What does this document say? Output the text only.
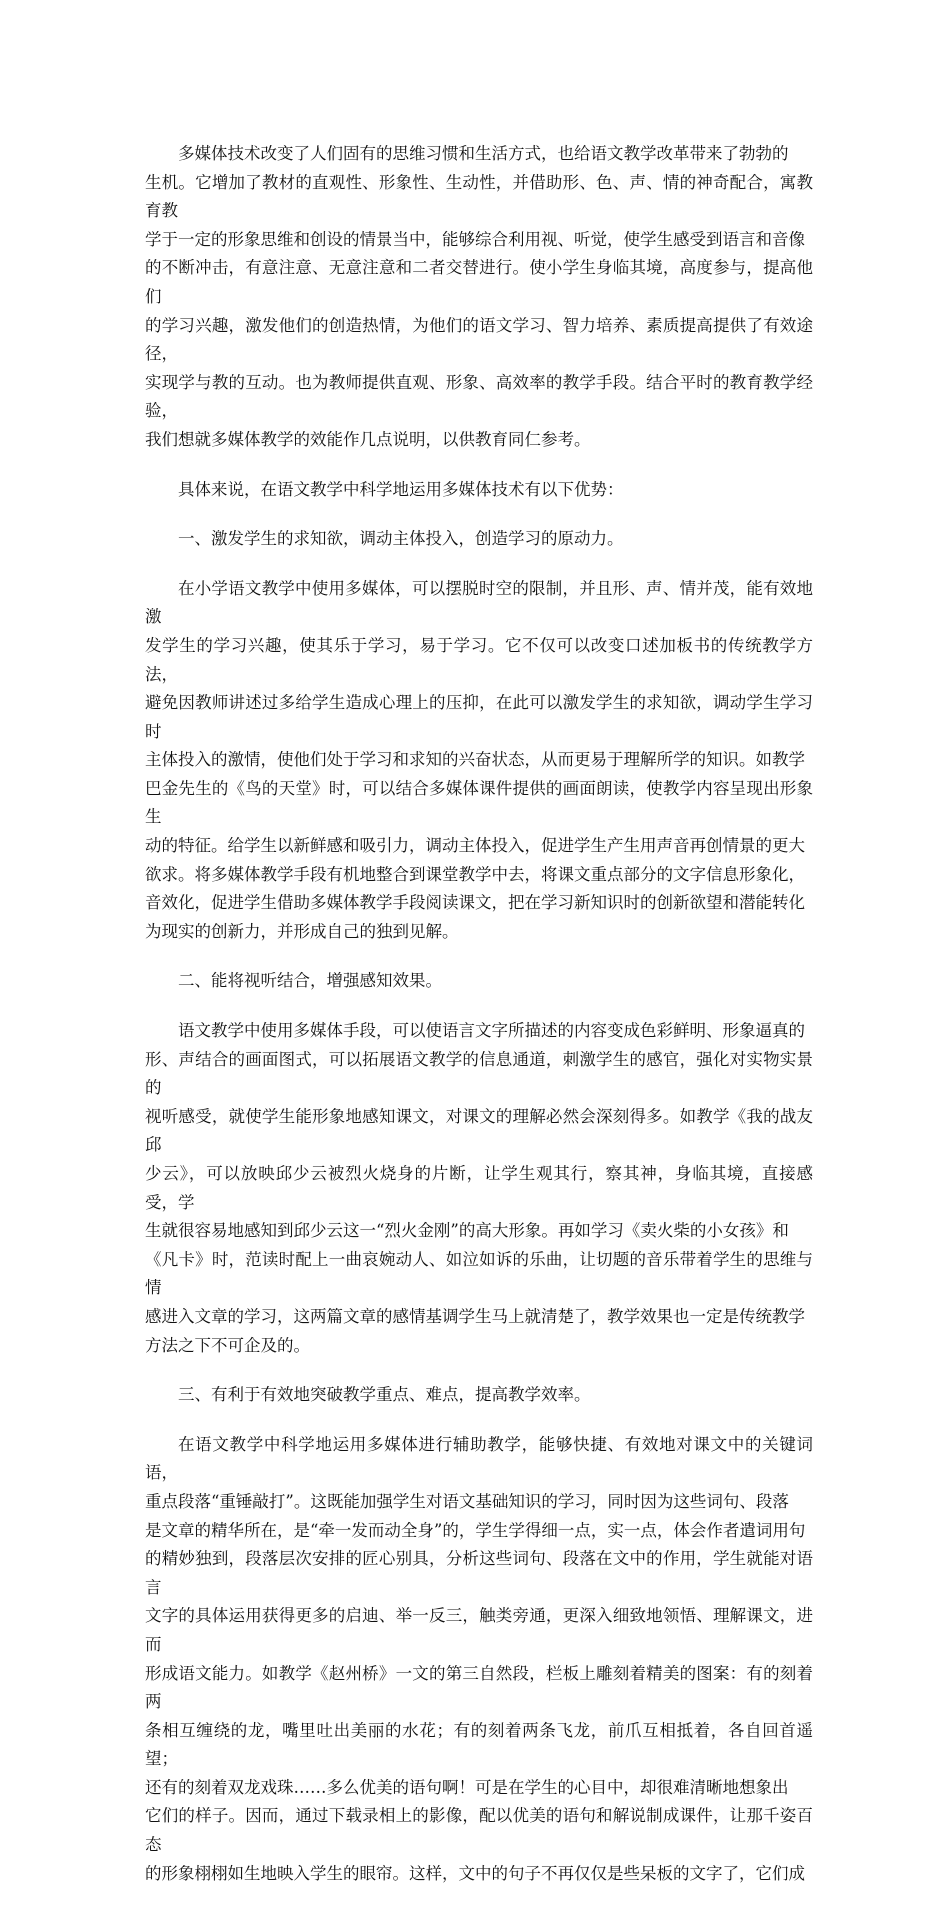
多媒体技术改变了人们固有的思维习惯和生活方式，也给语文教学改革带来了勃勃的
生机。它增加了教材的直观性、形象性、生动性，并借助形、色、声、情的神奇配合，寓教育教
学于一定的形象思维和创设的情景当中，能够综合利用视、听觉，使学生感受到语言和音像
的不断冲击，有意注意、无意注意和二者交替进行。使小学生身临其境，高度参与，提高他们
的学习兴趣，激发他们的创造热情，为他们的语文学习、智力培养、素质提高提供了有效途径，
实现学与教的互动。也为教师提供直观、形象、高效率的教学手段。结合平时的教育教学经验，
我们想就多媒体教学的效能作几点说明，以供教育同仁参考。

具体来说，在语文教学中科学地运用多媒体技术有以下优势：

一、激发学生的求知欲，调动主体投入，创造学习的原动力。

在小学语文教学中使用多媒体，可以摆脱时空的限制，并且形、声、情并茂，能有效地激
发学生的学习兴趣，使其乐于学习，易于学习。它不仅可以改变口述加板书的传统教学方法，
避免因教师讲述过多给学生造成心理上的压抑，在此可以激发学生的求知欲，调动学生学习时
主体投入的激情，使他们处于学习和求知的兴奋状态，从而更易于理解所学的知识。如教学
巴金先生的《鸟的天堂》时，可以结合多媒体课件提供的画面朗读，使教学内容呈现出形象生
动的特征。给学生以新鲜感和吸引力，调动主体投入，促进学生产生用声音再创情景的更大
欲求。将多媒体教学手段有机地整合到课堂教学中去，将课文重点部分的文字信息形象化，
音效化，促进学生借助多媒体教学手段阅读课文，把在学习新知识时的创新欲望和潜能转化
为现实的创新力，并形成自己的独到见解。

二、能将视听结合，增强感知效果。

语文教学中使用多媒体手段，可以使语言文字所描述的内容变成色彩鲜明、形象逼真的
形、声结合的画面图式，可以拓展语文教学的信息通道，刺激学生的感官，强化对实物实景的
视听感受，就使学生能形象地感知课文，对课文的理解必然会深刻得多。如教学《我的战友邱
少云》，可以放映邱少云被烈火烧身的片断，让学生观其行，察其神，身临其境，直接感受，学
生就很容易地感知到邱少云这一“烈火金刚”的高大形象。再如学习《卖火柴的小女孩》和
《凡卡》时，范读时配上一曲哀婉动人、如泣如诉的乐曲，让切题的音乐带着学生的思维与情
感进入文章的学习，这两篇文章的感情基调学生马上就清楚了，教学效果也一定是传统教学
方法之下不可企及的。

三、有利于有效地突破教学重点、难点，提高教学效率。

在语文教学中科学地运用多媒体进行辅助教学，能够快捷、有效地对课文中的关键词语，
重点段落“重锤敲打”。这既能加强学生对语文基础知识的学习，同时因为这些词句、段落
是文章的精华所在，是“牵一发而动全身”的，学生学得细一点，实一点，体会作者遣词用句
的精妙独到，段落层次安排的匠心别具，分析这些词句、段落在文中的作用，学生就能对语言
文字的具体运用获得更多的启迪、举一反三，触类旁通，更深入细致地领悟、理解课文，进而
形成语文能力。如教学《赵州桥》一文的第三自然段，栏板上雕刻着精美的图案：有的刻着两
条相互缠绕的龙，嘴里吐出美丽的水花；有的刻着两条飞龙，前爪互相抵着，各自回首遥望；
还有的刻着双龙戏珠……多么优美的语句啊！可是在学生的心目中，却很难清晰地想象出
它们的样子。因而，通过下载录相上的影像，配以优美的语句和解说制成课件，让那千姿百态
的形象栩栩如生地映入学生的眼帘。这样，文中的句子不再仅仅是些呆板的文字了，它们成
